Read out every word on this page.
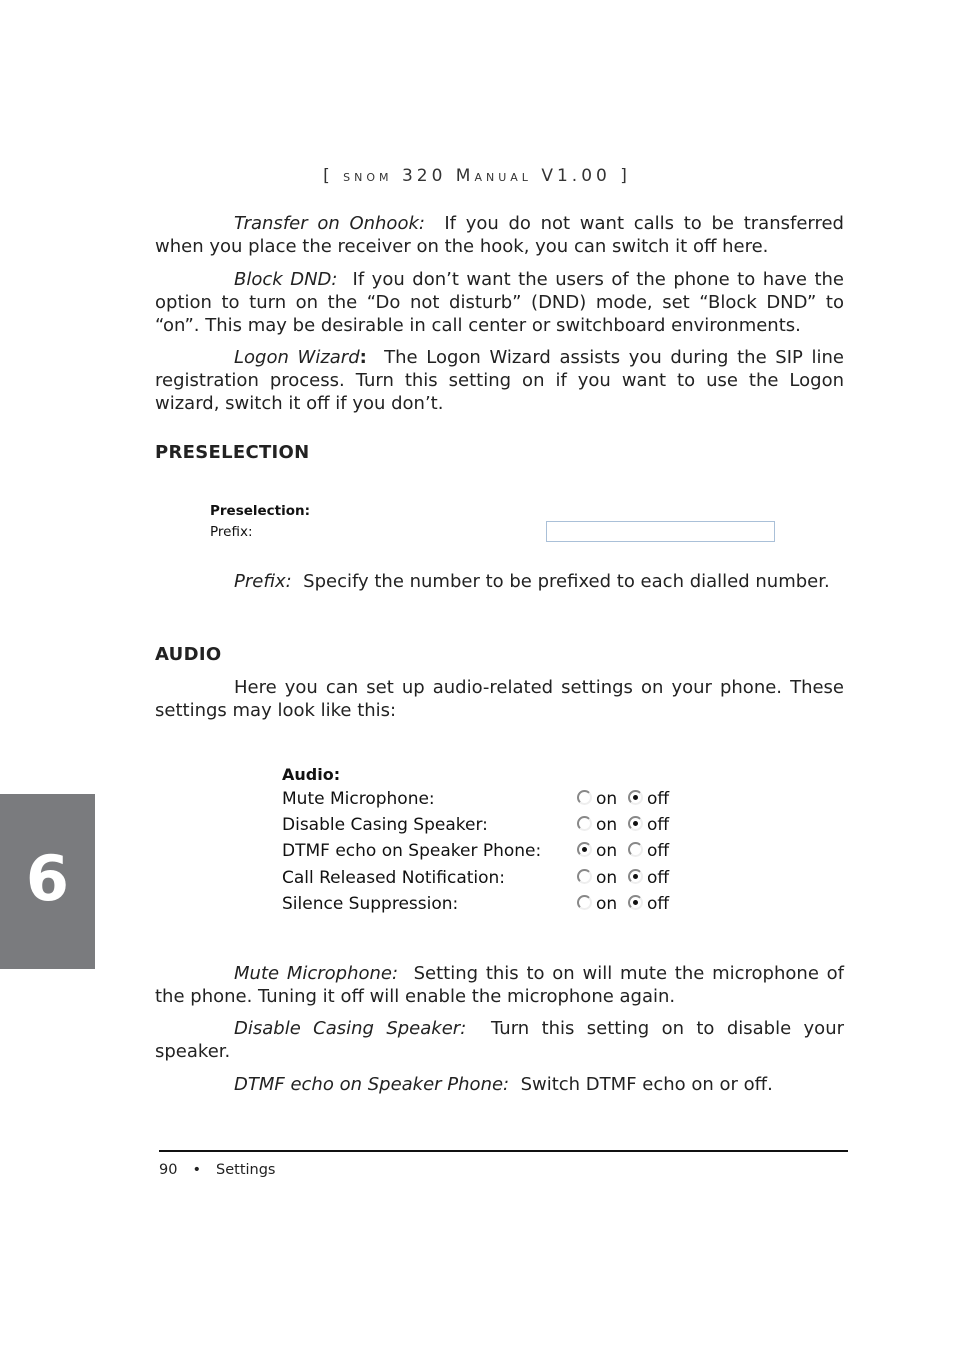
[ SNOM 320 MANUAL V1.00 ]

Transfer on Onhook: If you do not want calls to be transferred when you place the receiver on the hook, you can switch it off here.

Block DND: If you don’t want the users of the phone to have the option to turn on the “Do not disturb” (DND) mode, set “Block DND” to “on”. This may be desirable in call center or switchboard environments.

Logon Wizard: The Logon Wizard assists you during the SIP line registration process. Turn this setting on if you want to use the Logon wizard, switch it off if you don’t.

PRESELECTION
Preselection:
Prefix:

Prefix: Specify the number to be prefixed to each dialled number.

AUDIO

Here you can set up audio-related settings on your phone. These settings may look like this:

Audio:
Mute Microphone:	on	off
Disable Casing Speaker:	on	off
DTMF echo on Speaker Phone:	on	off
Call Released Notification:	on	off
Silence Suppression:	on	off
6

Mute Microphone: Setting this to on will mute the microphone of the phone. Tuning it off will enable the microphone again.

Disable Casing Speaker: Turn this setting on to disable your speaker.

DTMF echo on Speaker Phone: Switch DTMF echo on or off.

90 • Settings
